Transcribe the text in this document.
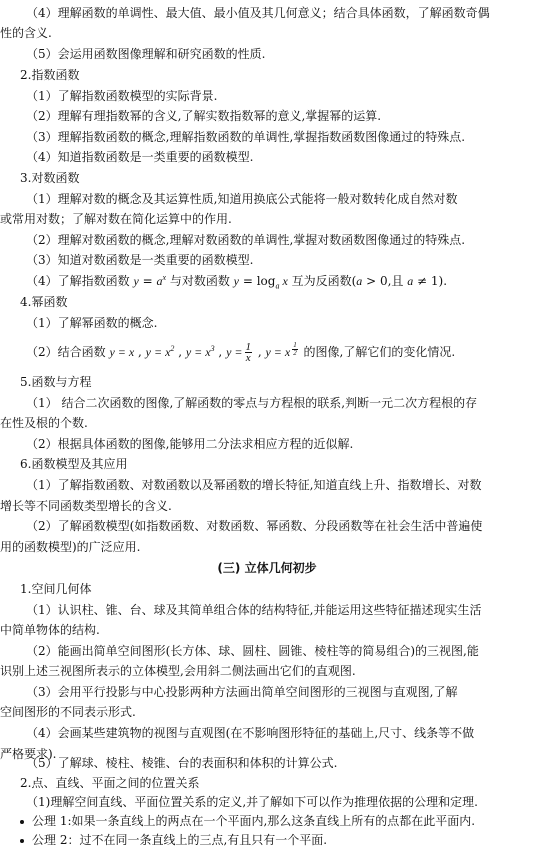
（4）理解函数的单调性、最大值、最小值及其几何意义；结合具体函数，了解函数奇偶
性的含义.
（5）会运用函数图像理解和研究函数的性质.
2.指数函数
（1）了解指数函数模型的实际背景.
（2）理解有理指数幂的含义,了解实数指数幂的意义,掌握幂的运算.
（3）理解指数函数的概念,理解指数函数的单调性,掌握指数函数图像通过的特殊点.
（4）知道指数函数是一类重要的函数模型.
3.对数函数
（1）理解对数的概念及其运算性质,知道用换底公式能将一般对数转化成自然对数
或常用对数；了解对数在简化运算中的作用.
（2）理解对数函数的概念,理解对数函数的单调性,掌握对数函数图像通过的特殊点.
（3）知道对数函数是一类重要的函数模型.
（4）了解指数函数 $y = a^x$ 与对数函数 $y = \log_a x$ 互为反函数(a > 0,且 a ≠ 1).
4.幂函数
（1）了解幂函数的概念.
（2）结合函数 y = x , $y = x^2$ , $y = x^3$ , $y = \frac{1}{x}$ , y = x $^{\frac{1}{2}}$ 的图像,了解它们的变化情况.
5.函数与方程
（1） 结合二次函数的图像,了解函数的零点与方程根的联系,判断一元二次方程根的存
在性及根的个数.
（2）根据具体函数的图像,能够用二分法求相应方程的近似解.
6.函数模型及其应用
（1）了解指数函数、对数函数以及幂函数的增长特征,知道直线上升、指数增长、对数
增长等不同函数类型增长的含义.
（2）了解函数模型(如指数函数、对数函数、幂函数、分段函数等在社会生活中普遍使
用的函数模型)的广泛应用.
(三) 立体几何初步
1.空间几何体
（1）认识柱、锥、台、球及其简单组合体的结构特征,并能运用这些特征描述现实生活
中简单物体的结构.
（2）能画出简单空间图形(长方体、球、圆柱、圆锥、棱柱等的简易组合)的三视图,能
识别上述三视图所表示的立体模型,会用斜二侧法画出它们的直观图.
（3）会用平行投影与中心投影两种方法画出简单空间图形的三视图与直观图,了解
空间图形的不同表示形式.
（4）会画某些建筑物的视图与直观图(在不影响图形特征的基础上,尺寸、线条等不做
严格要求).
（5）了解球、棱柱、棱锥、台的表面积和体积的计算公式.
2.点、直线、平面之间的位置关系
（1)理解空间直线、平面位置关系的定义,并了解如下可以作为推理依据的公理和定理.
公理 1:如果一条直线上的两点在一个平面内,那么这条直线上所有的点都在此平面内.
公理 2：过不在同一条直线上的三点,有且只有一个平面.
